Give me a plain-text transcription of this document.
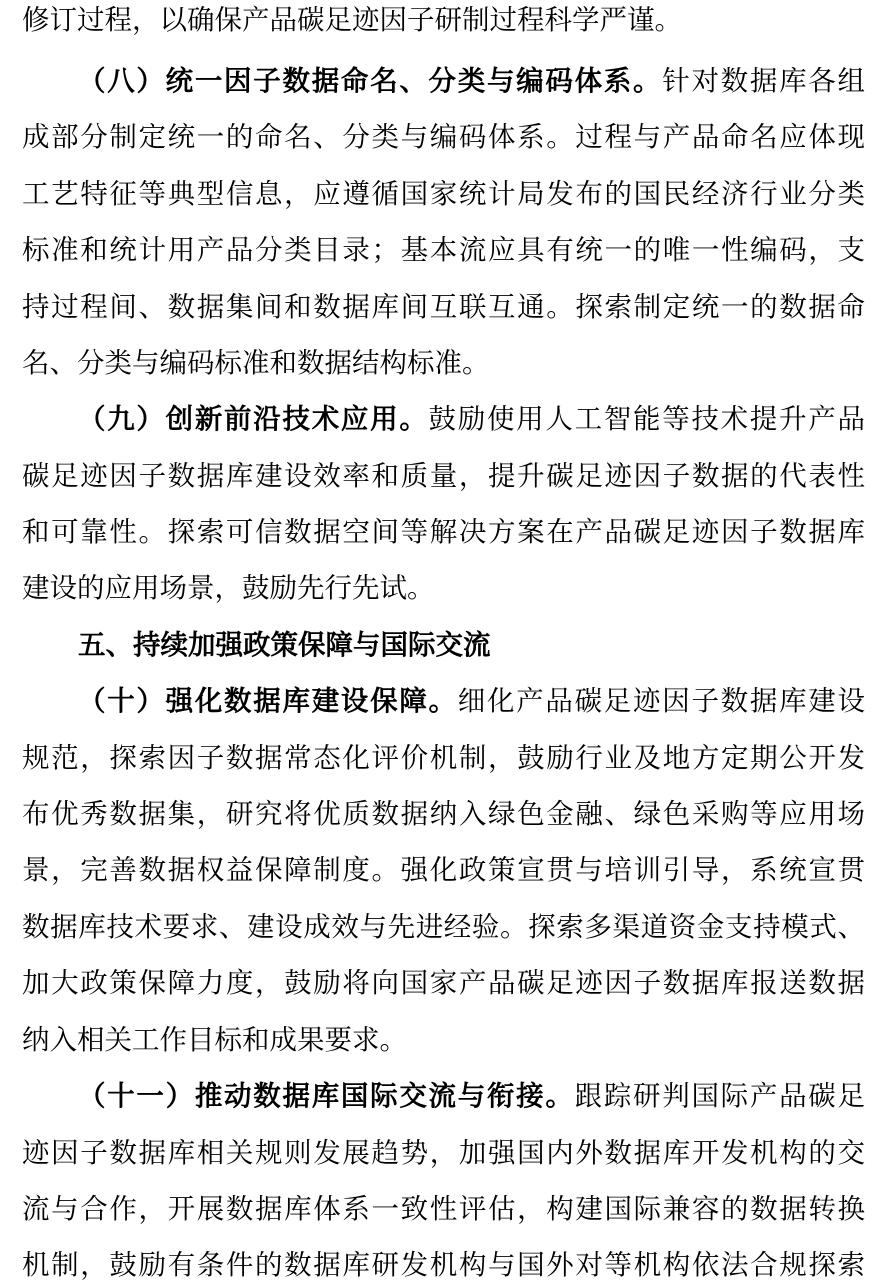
修订过程，以确保产品碳足迹因子研制过程科学严谨。
（八）统一因子数据命名、分类与编码体系。针对数据库各组
成部分制定统一的命名、分类与编码体系。过程与产品命名应体现
工艺特征等典型信息，应遵循国家统计局发布的国民经济行业分类
标准和统计用产品分类目录；基本流应具有统一的唯一性编码，支
持过程间、数据集间和数据库间互联互通。探索制定统一的数据命
名、分类与编码标准和数据结构标准。
（九）创新前沿技术应用。鼓励使用人工智能等技术提升产品
碳足迹因子数据库建设效率和质量，提升碳足迹因子数据的代表性
和可靠性。探索可信数据空间等解决方案在产品碳足迹因子数据库
建设的应用场景，鼓励先行先试。
五、持续加强政策保障与国际交流
（十）强化数据库建设保障。细化产品碳足迹因子数据库建设
规范，探索因子数据常态化评价机制，鼓励行业及地方定期公开发
布优秀数据集，研究将优质数据纳入绿色金融、绿色采购等应用场
景，完善数据权益保障制度。强化政策宣贯与培训引导，系统宣贯
数据库技术要求、建设成效与先进经验。探索多渠道资金支持模式、
加大政策保障力度，鼓励将向国家产品碳足迹因子数据库报送数据
纳入相关工作目标和成果要求。
（十一）推动数据库国际交流与衔接。跟踪研判国际产品碳足
迹因子数据库相关规则发展趋势，加强国内外数据库开发机构的交
流与合作，开展数据库体系一致性评估，构建国际兼容的数据转换
机制，鼓励有条件的数据库研发机构与国外对等机构依法合规探索
